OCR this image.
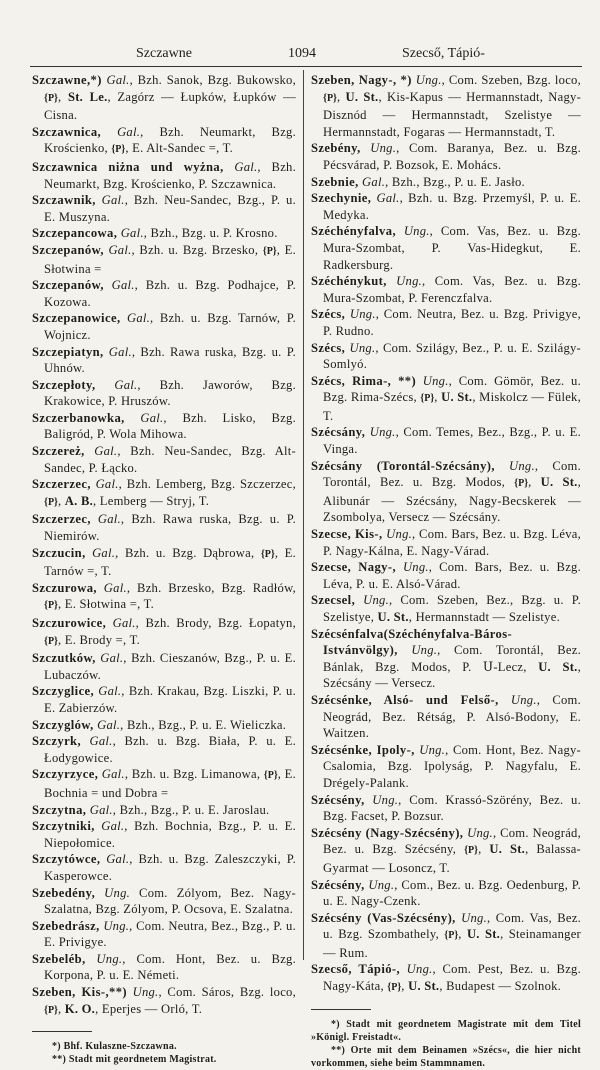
Szczawne	1094	Szecső, Tápió-
Szczawne,*) Gal., Bzh. Sanok, Bzg. Bukowsko, {P}, St. Le., Zagórz — Łupków, Łupków — Cisna.
Szczawnica, Gal., Bzh. Neumarkt, Bzg. Krościenko, {P}, E. Alt-Sandec =, T.
Szczawnica niżna und wyżna, Gal., Bzh. Neumarkt, Bzg. Krościenko, P. Szczawnica.
Szczawnik, Gal., Bzh. Neu-Sandec, Bzg., P. u. E. Muszyna.
Szczepancowa, Gal., Bzh., Bzg. u. P. Krosno.
Szczepanów, Gal., Bzh. u. Bzg. Brzesko, {P}, E. Słotwina =
Szczepanów, Gal., Bzh. u. Bzg. Podhajce, P. Kozowa.
Szczepanowice, Gal., Bzh. u. Bzg. Tarnów, P. Wojnicz.
Szczepiatyn, Gal., Bzh. Rawa ruska, Bzg. u. P. Uhnów.
Szczepłoty, Gal., Bzh. Jaworów, Bzg. Krakowice, P. Hruszów.
Szczerbanowka, Gal., Bzh. Lisko, Bzg. Baligród, P. Wola Mihowa.
Szczereż, Gal., Bzh. Neu-Sandec, Bzg. Alt-Sandec, P. Łącko.
Szczerzec, Gal., Bzh. Lemberg, Bzg. Szczerzec, {P}, A. B., Lemberg — Stryj, T.
Szczerzec, Gal., Bzh. Rawa ruska, Bzg. u. P. Niemirów.
Szczucin, Gal., Bzh. u. Bzg. Dąbrowa, {P}, E. Tarnów =, T.
Szczurowa, Gal., Bzh. Brzesko, Bzg. Radłów, {P}, E. Słotwina =, T.
Szczurowice, Gal., Bzh. Brody, Bzg. Łopatyn, {P}, E. Brody =, T.
Szczutków, Gal., Bzh. Cieszanów, Bzg., P. u. E. Lubaczów.
Szczyglice, Gal., Bzh. Krakau, Bzg. Liszki, P. u. E. Zabierzów.
Szczyglów, Gal., Bzh., Bzg., P. u. E. Wieliczka.
Szczyrk, Gal., Bzh. u. Bzg. Biała, P. u. E. Łodygowice.
Szczyrzyce, Gal., Bzh. u. Bzg. Limanowa, {P}, E. Bochnia = und Dobra =
Szczytna, Gal., Bzh., Bzg., P. u. E. Jaroslau.
Szczytniki, Gal., Bzh. Bochnia, Bzg., P. u. E. Niepołomice.
Szczytówce, Gal., Bzh. u. Bzg. Zaleszczyki, P. Kasperowce.
Szebedény, Ung. Com. Zólyom, Bez. Nagy-Szalatna, Bzg. Zólyom, P. Ocsova, E. Szalatna.
Szebedrász, Ung., Com. Neutra, Bez., Bzg., P. u. E. Privigye.
Szebeléb, Ung., Com. Hont, Bez. u. Bzg. Korpona, P. u. E. Németi.
Szeben, Kis-,**) Ung., Com. Sáros, Bzg. loco, {P}, K. O., Eperjes — Orló, T.
*) Bhf. Kulaszne-Szczawna.
**) Stadt mit geordnetem Magistrat.
Szeben, Nagy-, *) Ung., Com. Szeben, Bzg. loco, {P}, U. St., Kis-Kapus — Hermannstadt, Nagy-Disznód — Hermannstadt, Szelistye — Hermannstadt, Fogaras — Hermannstadt, T.
Szebény, Ung., Com. Baranya, Bez. u. Bzg. Pécsvárad, P. Bozsok, E. Mohács.
Szebnie, Gal., Bzh., Bzg., P. u. E. Jasło.
Szechynie, Gal., Bzh. u. Bzg. Przemyśl, P. u. E. Medyka.
Széchényfalva, Ung., Com. Vas, Bez. u. Bzg. Mura-Szombat, P. Vas-Hidegkut, E. Radkersburg.
Széchénykut, Ung., Com. Vas, Bez. u. Bzg. Mura-Szombat, P. Ferenczfalva.
Szécs, Ung., Com. Neutra, Bez. u. Bzg. Privigye, P. Rudno.
Szécs, Ung., Com. Szilágy, Bez., P. u. E. Szilágy-Somlyó.
Szécs, Rima-, **) Ung., Com. Gömör, Bez. u. Bzg. Rima-Szécs, {P}, U. St., Miskolcz — Fülek, T.
Szécsány, Ung., Com. Temes, Bez., Bzg., P. u. E. Vinga.
Szécsány (Torontál-Szécsány), Ung., Com. Torontál, Bez. u. Bzg. Modos, {P}, U. St., Alibunár — Szécsány, Nagy-Becskerek — Zsombolya, Versecz — Szécsány.
Szecse, Kis-, Ung., Com. Bars, Bez. u. Bzg. Léva, P. Nagy-Kálna, E. Nagy-Várad.
Szecse, Nagy-, Ung., Com. Bars, Bez. u. Bzg. Léva, P. u. E. Alsó-Várad.
Szecsel, Ung., Com. Szeben, Bez., Bzg. u. P. Szelistye, U. St., Hermannstadt — Szelistye.
Szécsénfalva(Széchényfalva-Báros-Istvánvölgy), Ung., Com. Torontál, Bez. Bánlak, Bzg. Modos, P. Ս-Lecz, U. St., Szécsány — Versecz.
Szécsénke, Alsó- und Felső-, Ung., Com. Neográd, Bez. Rétság, P. Alsó-Bodony, E. Waitzen.
Szécsénke, Ipoly-, Ung., Com. Hont, Bez. Nagy-Csalomia, Bzg. Ipolyság, P. Nagyfalu, E. Drégely-Palank.
Szécsény, Ung., Com. Krassó-Szörény, Bez. u. Bzg. Facset, P. Bozsur.
Szécsény (Nagy-Szécsény), Ung., Com. Neográd, Bez. u. Bzg. Szécsény, {P}, U. St., Balassa-Gyarmat — Losoncz, T.
Szécsény, Ung., Com., Bez. u. Bzg. Oedenburg, P. u. E. Nagy-Czenk.
Szécsény (Vas-Szécsény), Ung., Com. Vas, Bez. u. Bzg. Szombathely, {P}, U. St., Steinamanger — Rum.
Szecső, Tápió-, Ung., Com. Pest, Bez. u. Bzg. Nagy-Káta, {P}, U. St., Budapest — Szolnok.
*) Stadt mit geordnetem Magistrate mit dem Titel »Königl. Freistadt«.
**) Orte mit dem Beinamen »Szécs«, die hier nicht vorkommen, siehe beim Stammnamen.
